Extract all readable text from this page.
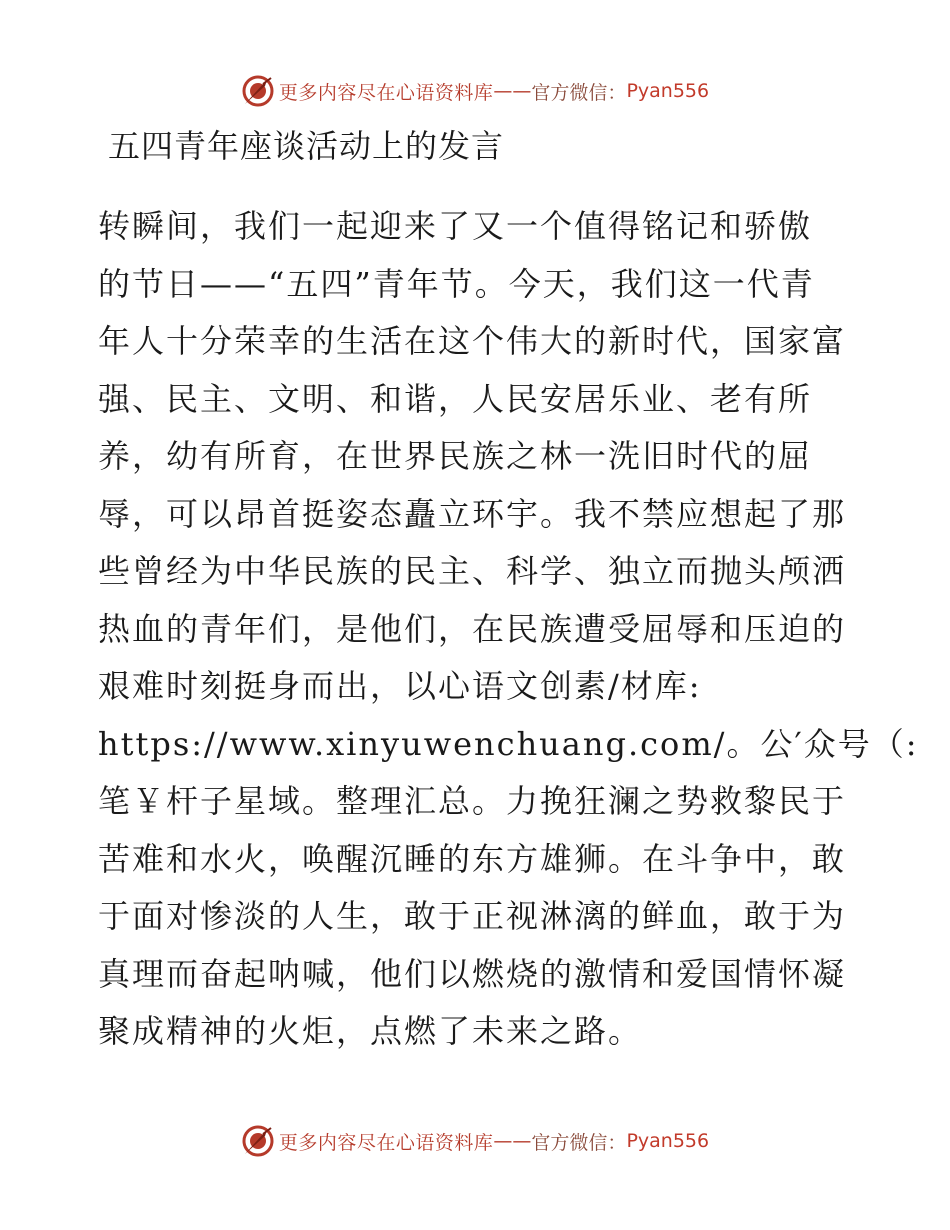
更多内容尽在心语资料库 —— 官方微信： Pyan556
五四青年座谈活动上的发言
转瞬间，我们一起迎来了又一个值得铭记和骄傲
的节日——“五四”青年节。今天，我们这一代青
年人十分荣幸的生活在这个伟大的新时代，国家富
强、民主、文明、和谐，人民安居乐业、老有所
养，幼有所育，在世界民族之林一洗旧时代的屈
辱，可以昂首挺姿态矗立环宇。我不禁应想起了那
些曾经为中华民族的民主、科学、独立而抛头颅洒
热血的青年们，是他们，在民族遭受屈辱和压迫的
艰难时刻挺身而出，以心语文创素/材库:
https://www.xinyuwenchuang.com/。公′众号（:
笔￥杆子星域。整理汇总。力挽狂澜之势救黎民于
苦难和水火，唤醒沉睡的东方雄狮。在斗争中，敢
于面对惨淡的人生，敢于正视淋漓的鲜血，敢于为
真理而奋起呐喊，他们以燃烧的激情和爱国情怀凝
聚成精神的火炬，点燃了未来之路。
更多内容尽在心语资料库 —— 官方微信： Pyan556
